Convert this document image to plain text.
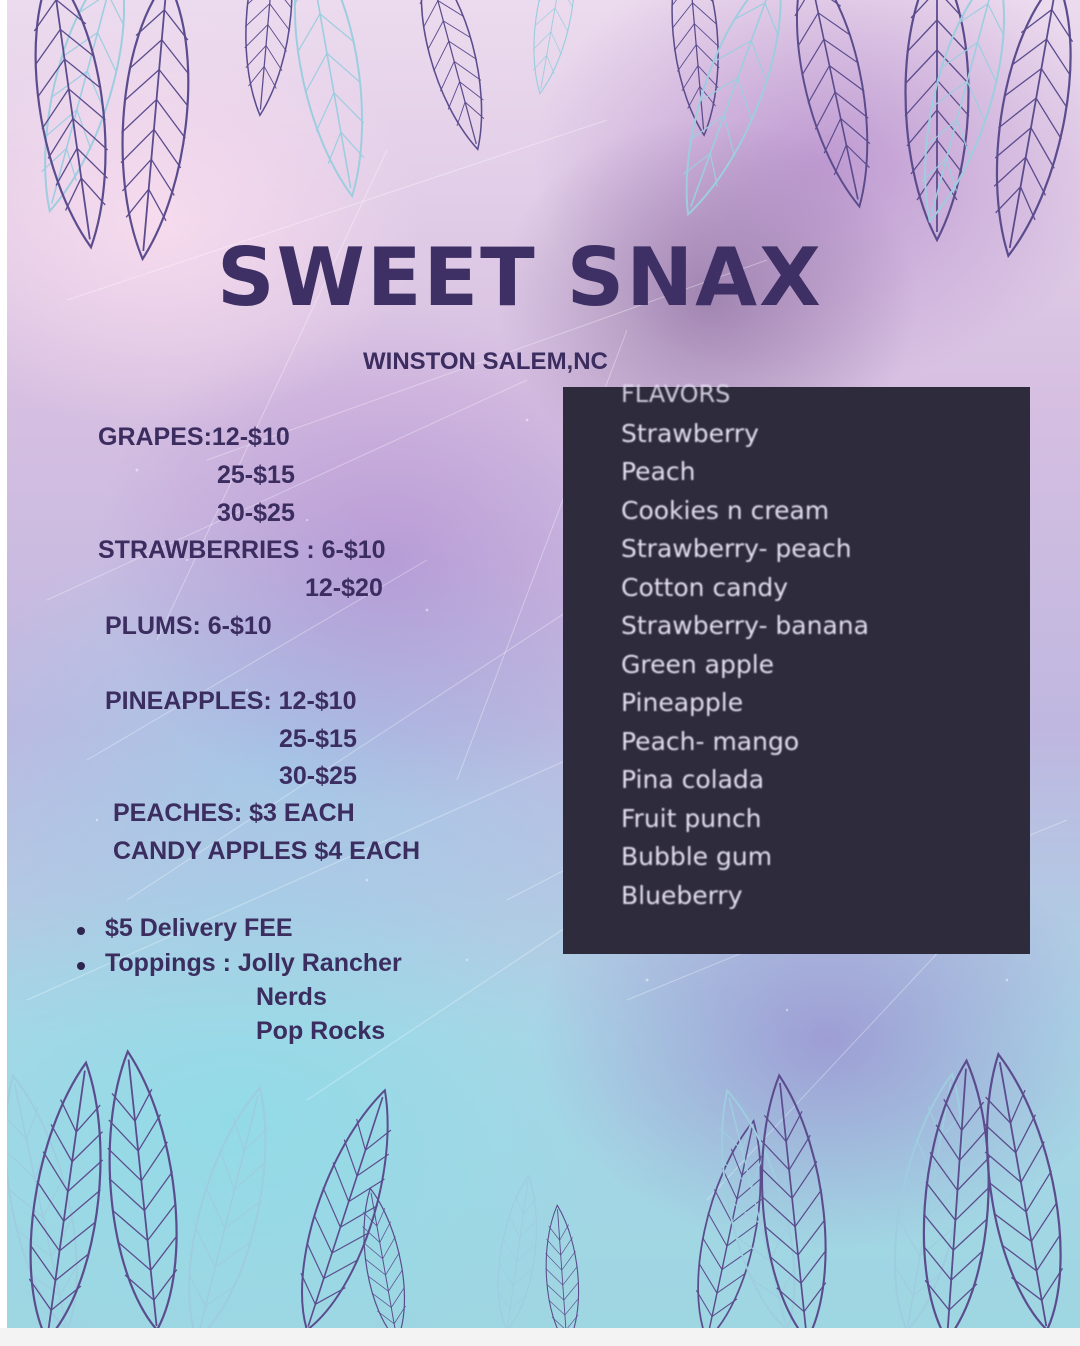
SWEET SNAX
WINSTON SALEM,NC
GRAPES:12-$10
25-$15
30-$25
STRAWBERRIES : 6-$10
12-$20
PLUMS: 6-$10
PINEAPPLES: 12-$10
25-$15
30-$25
PEACHES: $3 EACH
CANDY APPLES $4 EACH
$5 Delivery FEE
Toppings : Jolly Rancher
Nerds
Pop Rocks
FLAVORS
Strawberry
Peach
Cookies n cream
Strawberry- peach
Cotton candy
Strawberry- banana
Green apple
Pineapple
Peach- mango
Pina colada
Fruit punch
Bubble gum
Blueberry
